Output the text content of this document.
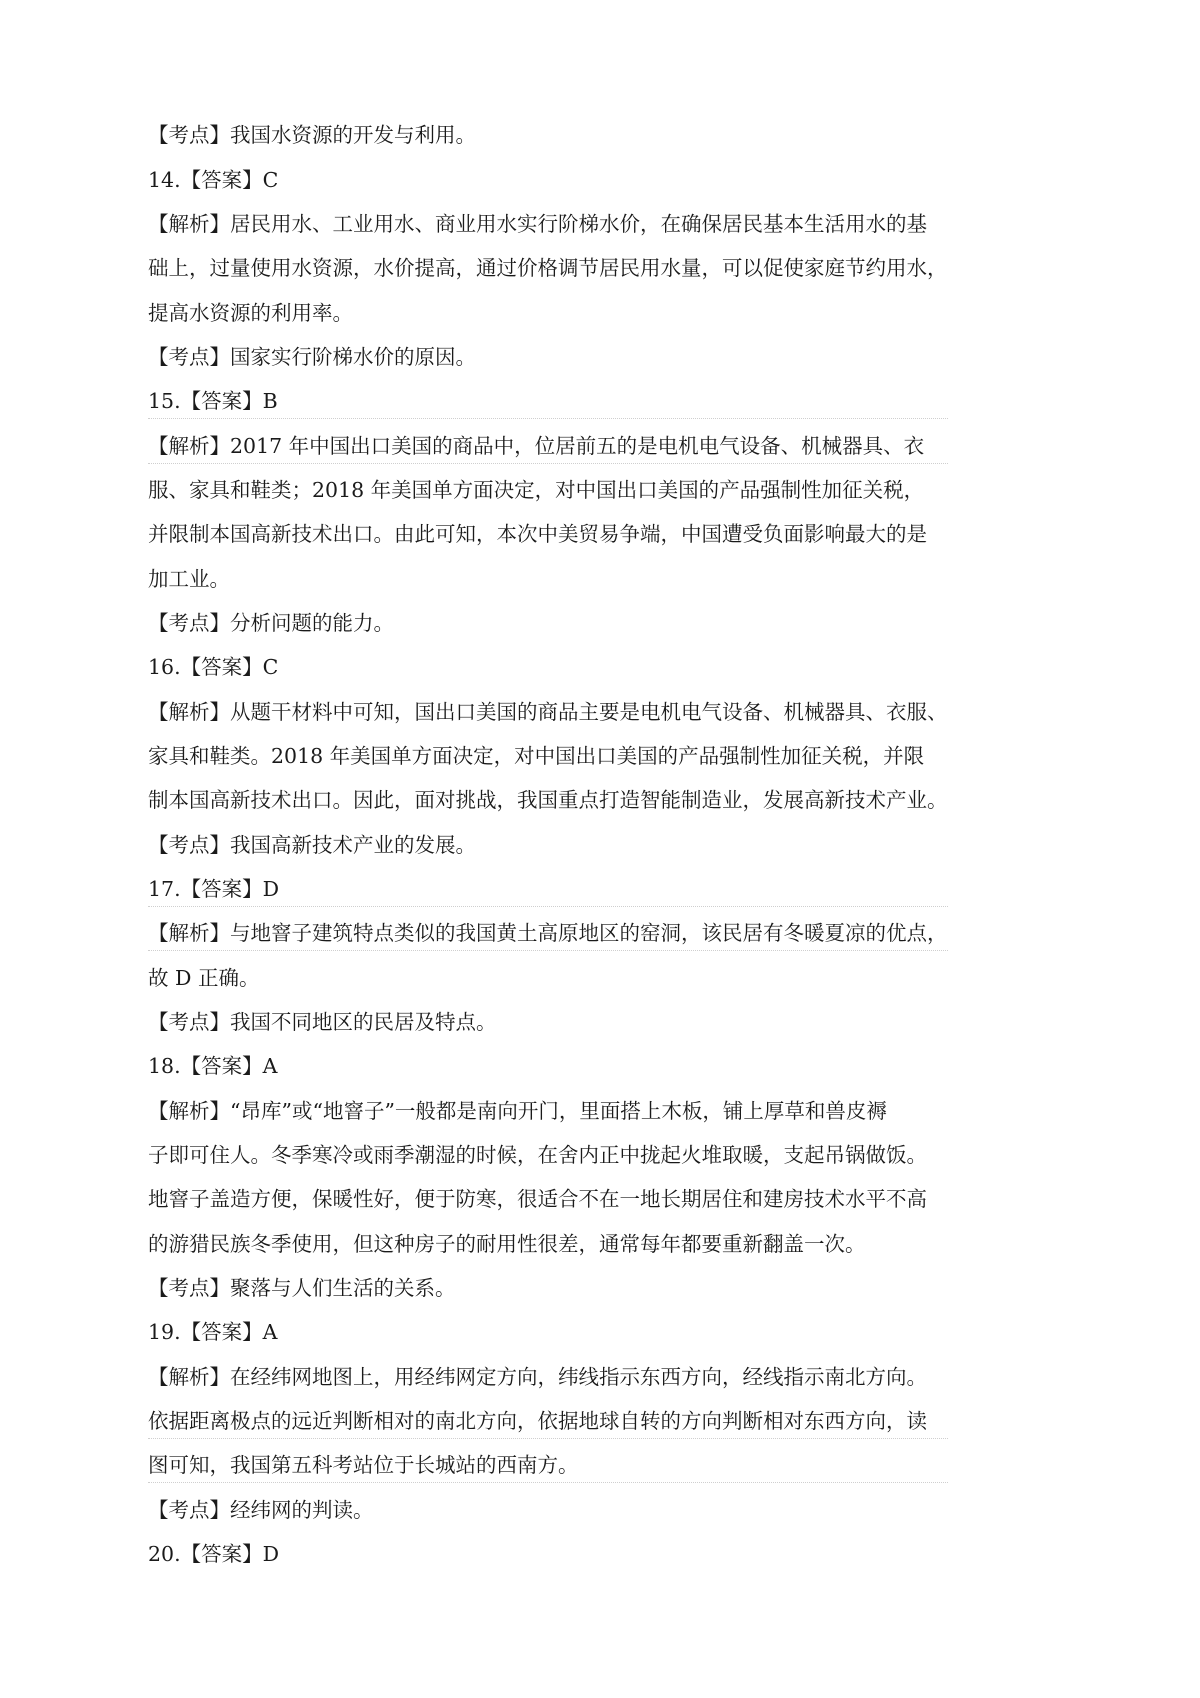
【考点】我国水资源的开发与利用。
14.【答案】C
【解析】居民用水、工业用水、商业用水实行阶梯水价，在确保居民基本生活用水的基
础上，过量使用水资源，水价提高，通过价格调节居民用水量，可以促使家庭节约用水，
提高水资源的利用率。
【考点】国家实行阶梯水价的原因。
15.【答案】B
【解析】2017 年中国出口美国的商品中，位居前五的是电机电气设备、机械器具、衣
服、家具和鞋类；2018 年美国单方面决定，对中国出口美国的产品强制性加征关税，
并限制本国高新技术出口。由此可知，本次中美贸易争端，中国遭受负面影响最大的是
加工业。
【考点】分析问题的能力。
16.【答案】C
【解析】从题干材料中可知，国出口美国的商品主要是电机电气设备、机械器具、衣服、
家具和鞋类。2018 年美国单方面决定，对中国出口美国的产品强制性加征关税，并限
制本国高新技术出口。因此，面对挑战，我国重点打造智能制造业，发展高新技术产业。
【考点】我国高新技术产业的发展。
17.【答案】D
【解析】与地窨子建筑特点类似的我国黄土高原地区的窑洞，该民居有冬暖夏凉的优点，
故 D 正确。
【考点】我国不同地区的民居及特点。
18.【答案】A
【解析】“昂库”或“地窨子”一般都是南向开门，里面搭上木板，铺上厚草和兽皮褥
子即可住人。冬季寒冷或雨季潮湿的时候，在舍内正中拢起火堆取暖，支起吊锅做饭。
地窨子盖造方便，保暖性好，便于防寒，很适合不在一地长期居住和建房技术水平不高
的游猎民族冬季使用，但这种房子的耐用性很差，通常每年都要重新翻盖一次。
【考点】聚落与人们生活的关系。
19.【答案】A
【解析】在经纬网地图上，用经纬网定方向，纬线指示东西方向，经线指示南北方向。
依据距离极点的远近判断相对的南北方向，依据地球自转的方向判断相对东西方向，读
图可知，我国第五科考站位于长城站的西南方。
【考点】经纬网的判读。
20.【答案】D
